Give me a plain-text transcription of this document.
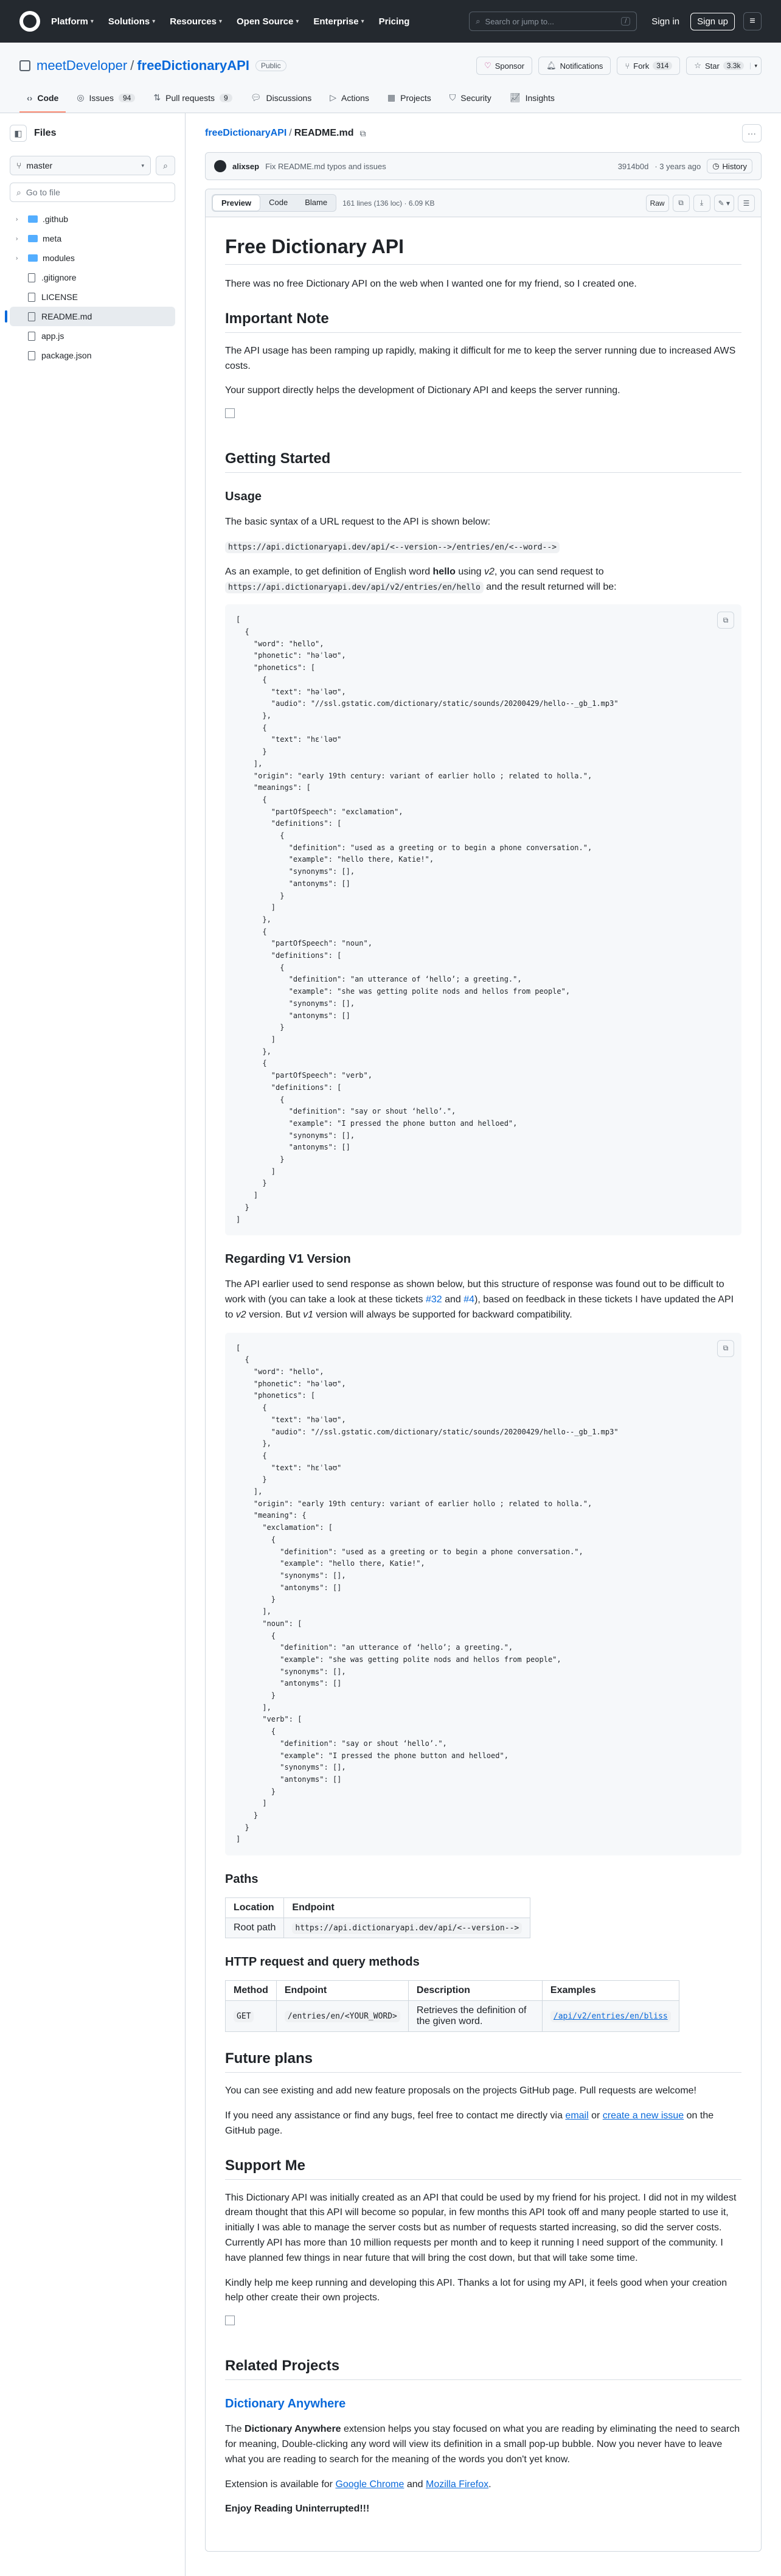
Platform ▾ Solutions ▾ Resources ▾ Open Source ▾ Enterprise ▾ Pricing	⌕ Search or jump to...	/	Sign in	Sign up	≡
meetDeveloper / freeDictionaryAPI	Public	♡ Sponsor	🔔︎ Notifications	⑂ Fork	314	☆ Star	3.3k	▾
‹› Code ◎ Issues	94	⇅ Pull requests	9	💬︎ Discussions ▷ Actions ▦ Projects ⛉ Security 📈︎ Insights
◧	Files
⑂ master	▾	⌕
⌕ Go to file
›	.github
›	meta
›	modules
.gitignore
LICENSE
README.md
app.js
package.json
freeDictionaryAPI / README.md ⧉	···
alixsep Fix README.md typos and issues	3914b0d · 3 years ago ◷ History
Preview	Code	Blame	161 lines (136 loc) · 6.09 KB	Raw	⧉	⤓	✎ ▾	☰
Free Dictionary API

There was no free Dictionary API on the web when I wanted one for my friend, so I created one.

Important Note

The API usage has been ramping up rapidly, making it difficult for me to keep the server running due to increased AWS costs.

Your support directly helps the development of Dictionary API and keeps the server running.

Getting Started
Usage

The basic syntax of a URL request to the API is shown below:

https://api.dictionaryapi.dev/api/<--version-->/entries/en/<--word-->

As an example, to get definition of English word hello using v2, you can send request to
https://api.dictionaryapi.dev/api/v2/entries/en/hello and the result returned will be:

[
{
"word": "hello",
"phonetic": "həˈləʊ",
"phonetics": [
{
"text": "həˈləʊ",
"audio": "//ssl.gstatic.com/dictionary/static/sounds/20200429/hello--_gb_1.mp3"
},
{
"text": "hɛˈləʊ"
}
],
"origin": "early 19th century: variant of earlier hollo ; related to holla.",
"meanings": [
{
"partOfSpeech": "exclamation",
"definitions": [
{
"definition": "used as a greeting or to begin a phone conversation.",
"example": "hello there, Katie!",
"synonyms": [],
"antonyms": []
}
]
},
{
"partOfSpeech": "noun",
"definitions": [
{
"definition": "an utterance of ‘hello’; a greeting.",
"example": "she was getting polite nods and hellos from people",
"synonyms": [],
"antonyms": []
}
]
},
{
"partOfSpeech": "verb",
"definitions": [
{
"definition": "say or shout ‘hello’.",
"example": "I pressed the phone button and helloed",
"synonyms": [],
"antonyms": []
}
]
}
]
}
]
⧉
Regarding V1 Version

The API earlier used to send response as shown below, but this structure of response was found out to be difficult to work with (you can take a look at these tickets #32 and #4), based on feedback in these tickets I have updated the API to v2 version. But v1 version will always be supported for backward compatibility.

[
{
"word": "hello",
"phonetic": "həˈləʊ",
"phonetics": [
{
"text": "həˈləʊ",
"audio": "//ssl.gstatic.com/dictionary/static/sounds/20200429/hello--_gb_1.mp3"
},
{
"text": "hɛˈləʊ"
}
],
"origin": "early 19th century: variant of earlier hollo ; related to holla.",
"meaning": {
"exclamation": [
{
"definition": "used as a greeting or to begin a phone conversation.",
"example": "hello there, Katie!",
"synonyms": [],
"antonyms": []
}
],
"noun": [
{
"definition": "an utterance of ‘hello’; a greeting.",
"example": "she was getting polite nods and hellos from people",
"synonyms": [],
"antonyms": []
}
],
"verb": [
{
"definition": "say or shout ‘hello’.",
"example": "I pressed the phone button and helloed",
"synonyms": [],
"antonyms": []
}
]
}
}
]
⧉
Paths
Location	Endpoint
Root path	https://api.dictionaryapi.dev/api/<--version-->
HTTP request and query methods
Method	Endpoint	Description	Examples
GET	/entries/en/<YOUR_WORD>	Retrieves the definition of the given word.	/api/v2/entries/en/bliss
Future plans

You can see existing and add new feature proposals on the projects GitHub page. Pull requests are welcome!

If you need any assistance or find any bugs, feel free to contact me directly via email or create a new issue on the GitHub page.

Support Me

This Dictionary API was initially created as an API that could be used by my friend for his project. I did not in my wildest dream thought that this API will become so popular, in few months this API took off and many people started to use it, initially I was able to manage the server costs but as number of requests started increasing, so did the server costs. Currently API has more than 10 million requests per month and to keep it running I need support of the community. I have planned few things in near future that will bring the cost down, but that will take some time.

Kindly help me keep running and developing this API. Thanks a lot for using my API, it feels good when your creation help other create their own projects.

Related Projects
Dictionary Anywhere

The Dictionary Anywhere extension helps you stay focused on what you are reading by eliminating the need to search for meaning, Double-clicking any word will view its definition in a small pop-up bubble. Now you never have to leave what you are reading to search for the meaning of the words you don't yet know.

Extension is available for Google Chrome and Mozilla Firefox.

Enjoy Reading Uninterrupted!!!
